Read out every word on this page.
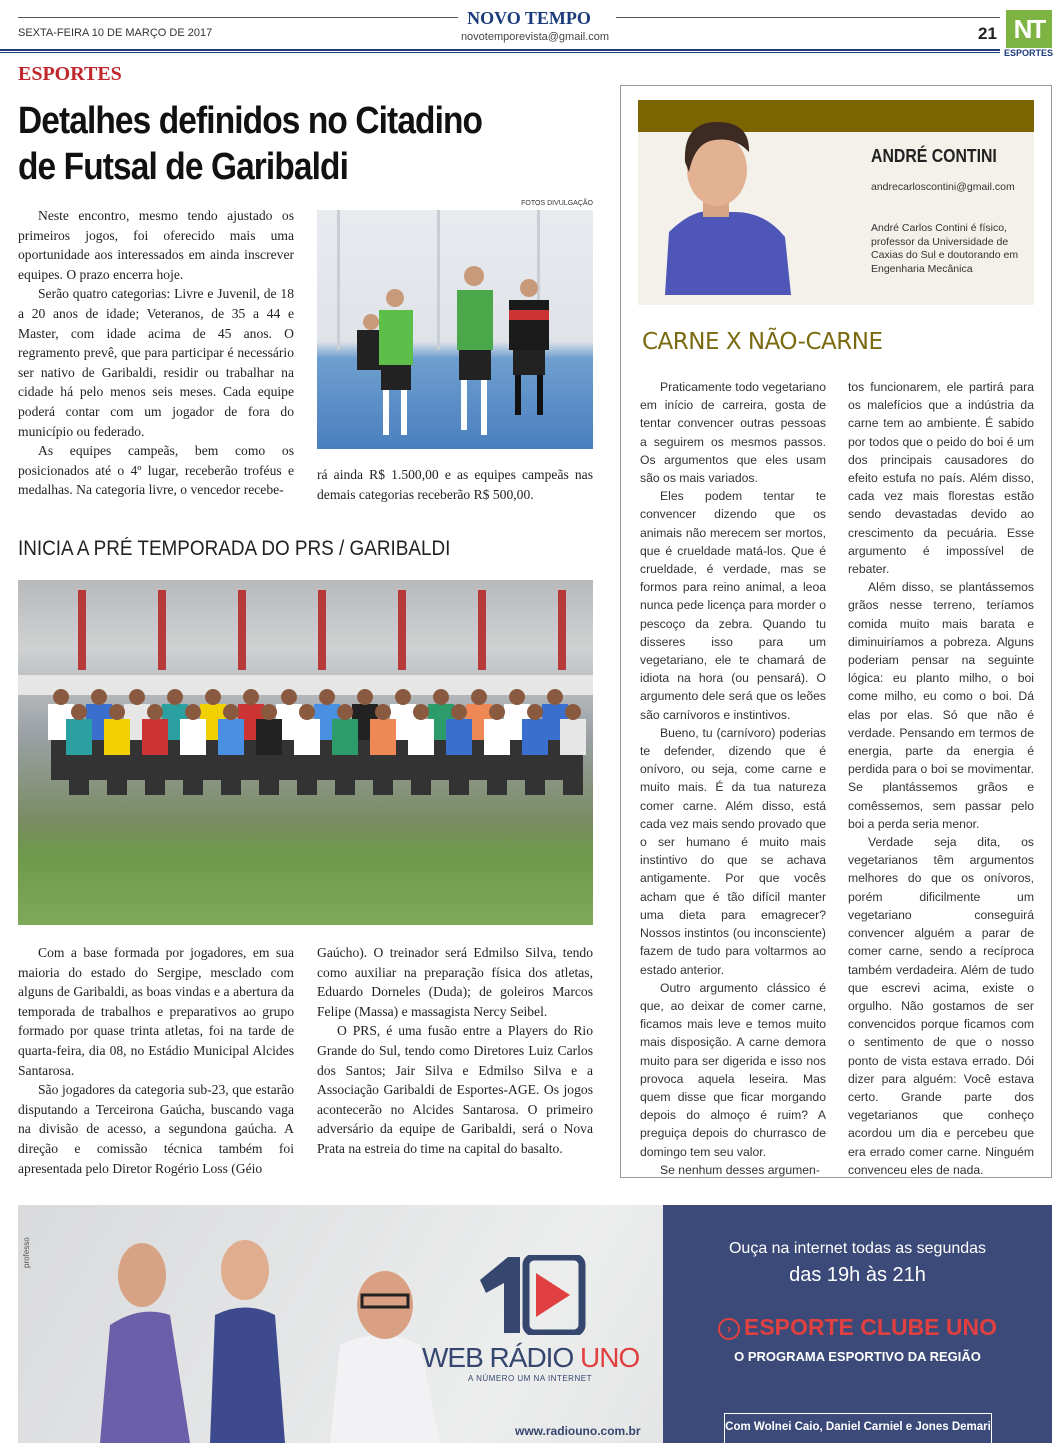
NOVO TEMPO
SEXTA-FEIRA 10 DE MARÇO DE 2017	novotemporevista@gmail.com	21 NT
ESPORTES
ESPORTES
Detalhes definidos no Citadino
de Futsal de Garibaldi

Neste encontro, mesmo tendo ajustado os primeiros jogos, foi oferecido mais uma oportunidade aos interessados em ainda inscrever equipes. O prazo encerra hoje.

Serão quatro categorias: Livre e Juvenil, de 18 a 20 anos de idade; Veteranos, de 35 a 44 e Master, com idade acima de 45 anos. O regramento prevê, que para participar é necessário ser nativo de Garibaldi, residir ou trabalhar na cidade há pelo menos seis meses. Cada equipe poderá contar com um jogador de fora do município ou federado.

As equipes campeãs, bem como os posicionados até o 4º lugar, receberão troféus e medalhas. Na categoria livre, o vencedor recebe-

FOTOS DIVULGAÇÃO

rá ainda R$ 1.500,00 e as equipes campeãs nas demais categorias receberão R$ 500,00.

INICIA A PRÉ TEMPORADA DO PRS / GARIBALDI

Com a base formada por jogadores, em sua maioria do estado do Sergipe, mesclado com alguns de Garibaldi, as boas vindas e a abertura da temporada de trabalhos e preparativos ao grupo formado por quase trinta atletas, foi na tarde de quarta-feira, dia 08, no Estádio Municipal Alcides Santarosa.

São jogadores da categoria sub-23, que estarão disputando a Terceirona Gaúcha, buscando vaga na divisão de acesso, a segundona gaúcha. A direção e comissão técnica também foi apresentada pelo Diretor Rogério Loss (Géio

Gaúcho). O treinador será Edmilso Silva, tendo como auxiliar na preparação física dos atletas, Eduardo Dorneles (Duda); de goleiros Marcos Felipe (Massa) e massagista Nercy Seibel.

O PRS, é uma fusão entre a Players do Rio Grande do Sul, tendo como Diretores Luiz Carlos dos Santos; Jair Silva e Edmilso Silva e a Associação Garibaldi de Esportes-AGE. Os jogos acontecerão no Alcides Santarosa. O primeiro adversário da equipe de Garibaldi, será o Nova Prata na estreia do time na capital do basalto.

ANDRÉ CONTINI
andrecarloscontini@gmail.com
André Carlos Contini é físico, professor da Universidade de Caxias do Sul e doutorando em Engenharia Mecânica
CARNE X NÃO-CARNE

Praticamente todo vegetariano em início de carreira, gosta de tentar convencer outras pessoas a seguirem os mesmos passos. Os argumentos que eles usam são os mais variados.

Eles podem tentar te convencer dizendo que os animais não merecem ser mortos, que é crueldade matá-los. Que é crueldade, é verdade, mas se formos para reino animal, a leoa nunca pede licença para morder o pescoço da zebra. Quando tu disseres isso para um vegetariano, ele te chamará de idiota na hora (ou pensará). O argumento dele será que os leões são carnívoros e instintivos.

Bueno, tu (carnívoro) poderias te defender, dizendo que é onívoro, ou seja, come carne e muito mais. É da tua natureza comer carne. Além disso, está cada vez mais sendo provado que o ser humano é muito mais instintivo do que se achava antigamente. Por que vocês acham que é tão difícil manter uma dieta para emagrecer? Nossos instintos (ou inconsciente) fazem de tudo para voltarmos ao estado anterior.

Outro argumento clássico é que, ao deixar de comer carne, ficamos mais leve e temos muito mais disposição. A carne demora muito para ser digerida e isso nos provoca aquela leseira. Mas quem disse que ficar morgando depois do almoço é ruim? A preguiça depois do churrasco de domingo tem seu valor.

Se nenhum desses argumen-

tos funcionarem, ele partirá para os malefícios que a indústria da carne tem ao ambiente. É sabido por todos que o peido do boi é um dos principais causadores do efeito estufa no país. Além disso, cada vez mais florestas estão sendo devastadas devido ao crescimento da pecuária. Esse argumento é impossível de rebater.

Além disso, se plantássemos grãos nesse terreno, teríamos comida muito mais barata e diminuiríamos a pobreza. Alguns poderiam pensar na seguinte lógica: eu planto milho, o boi come milho, eu como o boi. Dá elas por elas. Só que não é verdade. Pensando em termos de energia, parte da energia é perdida para o boi se movimentar. Se plantássemos grãos e comêssemos, sem passar pelo boi a perda seria menor.

Verdade seja dita, os vegetarianos têm argumentos melhores do que os onívoros, porém dificilmente um vegetariano conseguirá convencer alguém a parar de comer carne, sendo a recíproca também verdadeira. Além de tudo que escrevi acima, existe o orgulho. Não gostamos de ser convencidos porque ficamos com o sentimento de que o nosso ponto de vista estava errado. Dói dizer para alguém: Você estava certo. Grande parte dos vegetarianos que conheço acordou um dia e percebeu que era errado comer carne. Ninguém convenceu eles de nada.

WEB RÁDIO UNO
A NÚMERO UM NA INTERNET
www.radiouno.com.br
professo	Ouça na internet todas as segundas
das 19h às 21h
› ESPORTE CLUBE UNO
O PROGRAMA ESPORTIVO DA REGIÃO
Com Wolnei Caio, Daniel Carniel e Jones Demari
